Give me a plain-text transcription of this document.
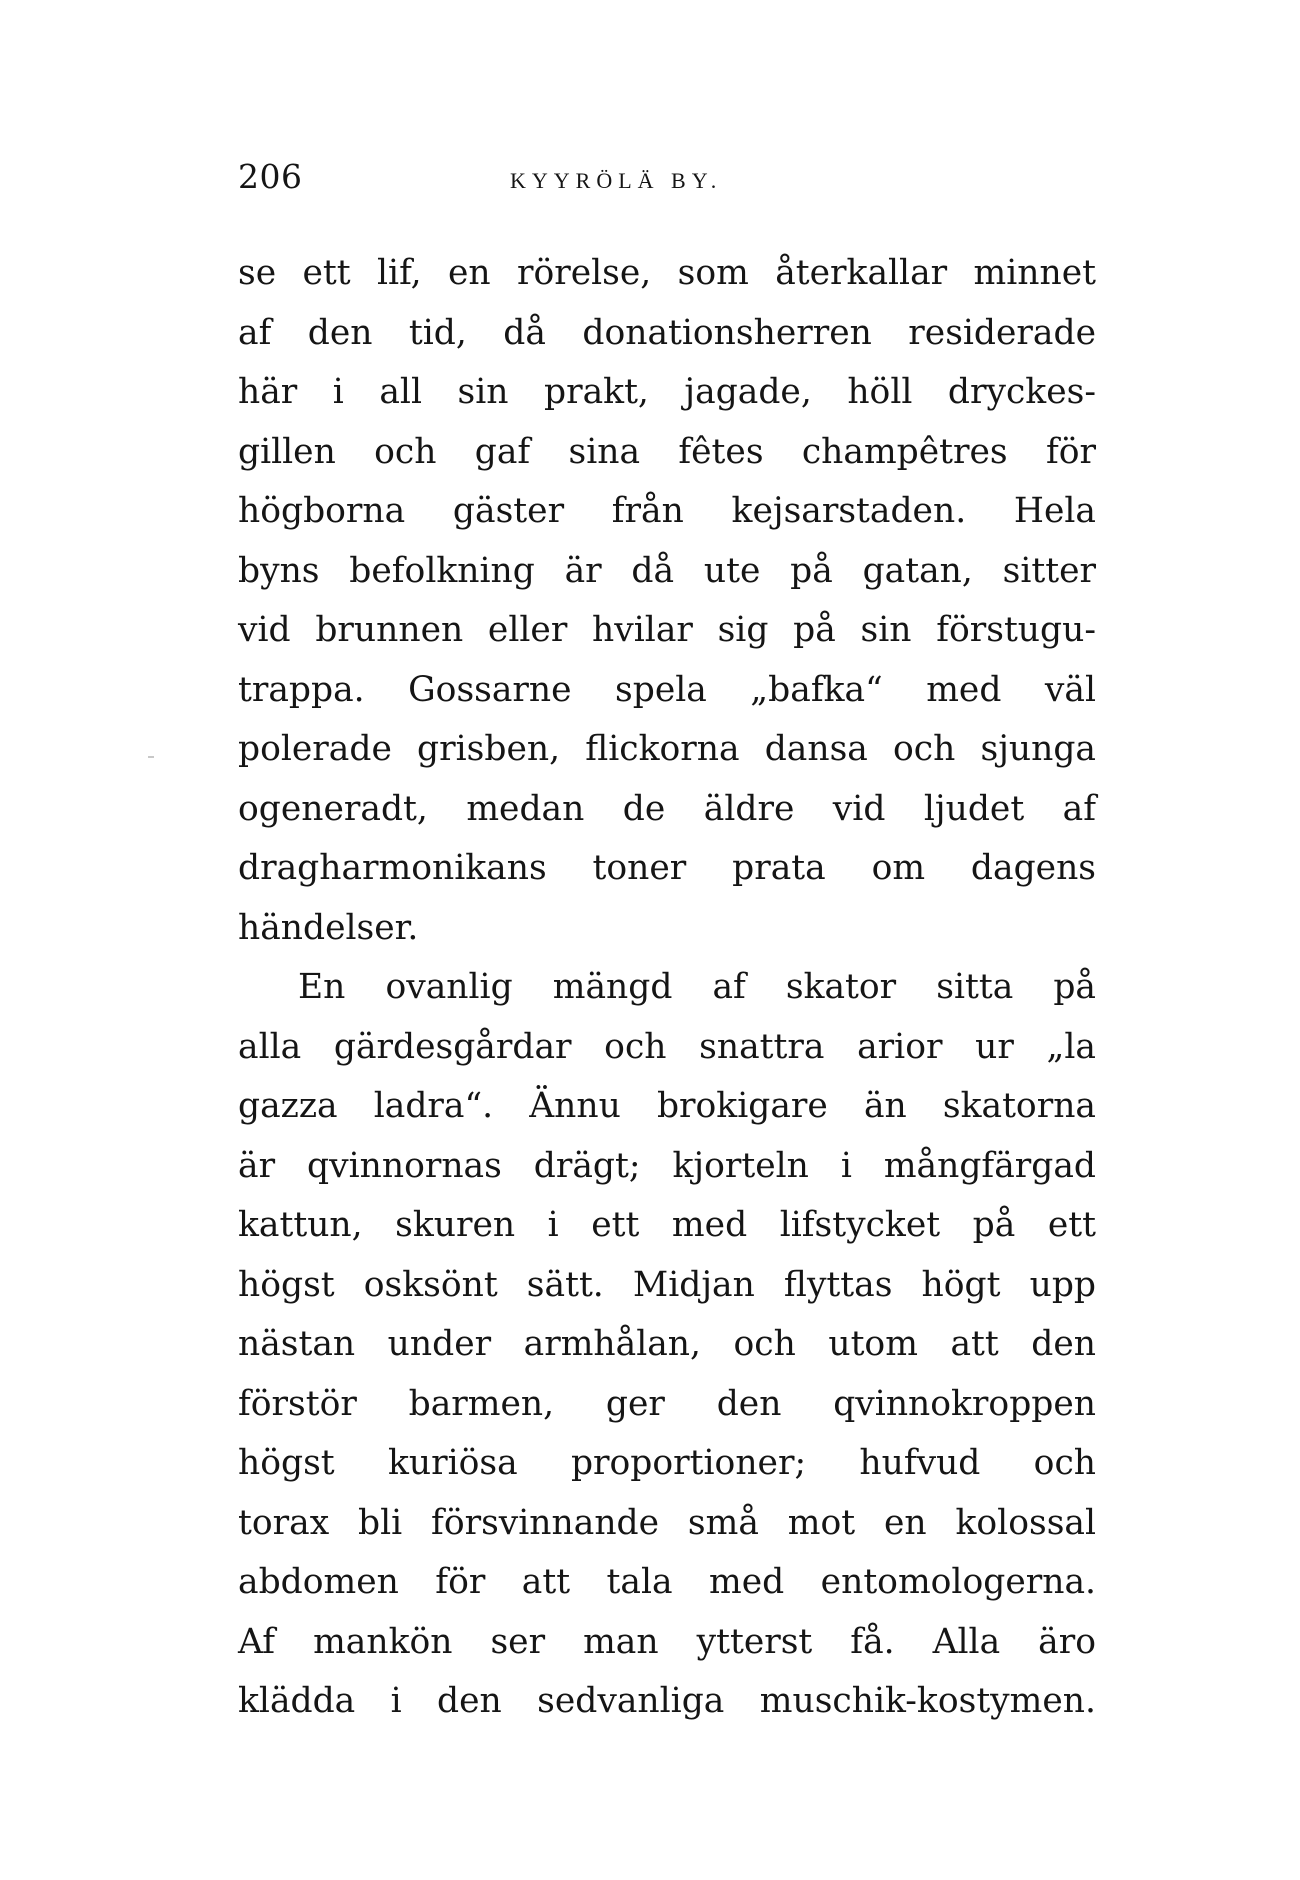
206	KYYRÖLÄ BY.
se ett lif, en rörelse, som återkallar minnet
af den tid, då donationsherren residerade
här i all sin prakt, jagade, höll dryckes-
gillen och gaf sina fêtes champêtres för
högborna gäster från kejsarstaden. Hela
byns befolkning är då ute på gatan, sitter
vid brunnen eller hvilar sig på sin förstugu-
trappa. Gossarne spela „bafka“ med väl
polerade grisben, flickorna dansa och sjunga
ogeneradt, medan de äldre vid ljudet af
dragharmonikans toner prata om dagens
händelser.
En ovanlig mängd af skator sitta på
alla gärdesgårdar och snattra arior ur „la
gazza ladra“. Ännu brokigare än skatorna
är qvinnornas drägt; kjorteln i mångfärgad
kattun, skuren i ett med lifstycket på ett
högst osksönt sätt. Midjan flyttas högt upp
nästan under armhålan, och utom att den
förstör barmen, ger den qvinnokroppen
högst kuriösa proportioner; hufvud och
torax bli försvinnande små mot en kolossal
abdomen för att tala med entomologerna.
Af mankön ser man ytterst få. Alla äro
klädda i den sedvanliga muschik-kostymen.
